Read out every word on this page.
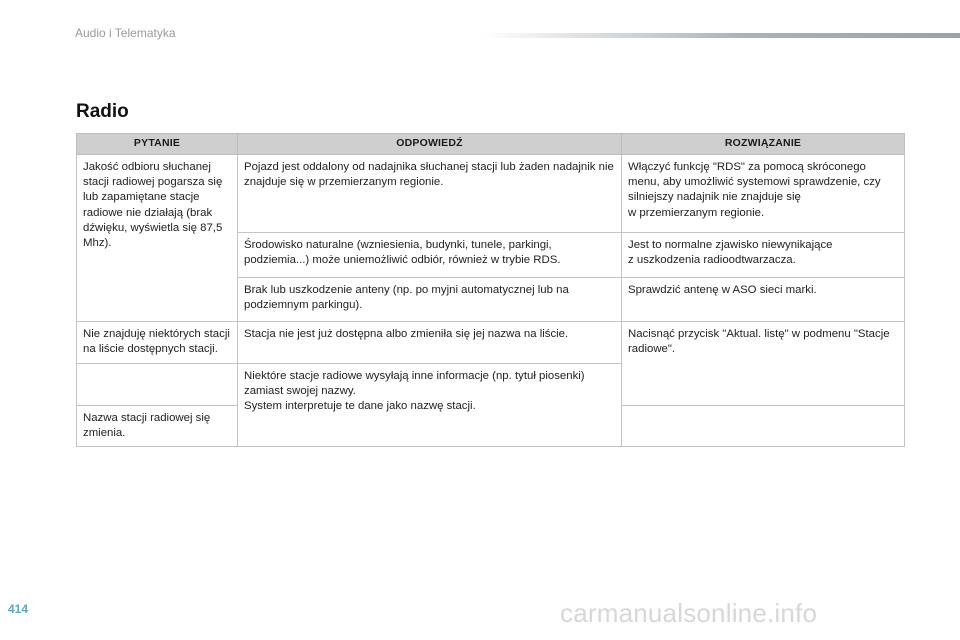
Audio i Telematyka
Radio
PYTANIE	ODPOWIEDŹ	ROZWIĄZANIE
Jakość odbioru słuchanej stacji radiowej pogarsza się lub zapamiętane stacje radiowe nie działają (brak dźwięku, wyświetla się 87,5 Mhz).	Pojazd jest oddalony od nadajnika słuchanej stacji lub żaden nadajnik nie znajduje się w przemierzanym regionie.	Włączyć funkcję "RDS" za pomocą skróconego menu, aby umożliwić systemowi sprawdzenie, czy silniejszy nadajnik nie znajduje się
w przemierzanym regionie.
	Środowisko naturalne (wzniesienia, budynki, tunele, parkingi, podziemia...) może uniemożliwić odbiór, również w trybie RDS.	Jest to normalne zjawisko niewynikające
z uszkodzenia radioodtwarzacza.
	Brak lub uszkodzenie anteny (np. po myjni automatycznej lub na podziemnym parkingu).	Sprawdzić antenę w ASO sieci marki.
Nie znajduję niektórych stacji na liście dostępnych stacji.	Stacja nie jest już dostępna albo zmieniła się jej nazwa na liście.	Nacisnąć przycisk "Aktual. listę" w podmenu "Stacje radiowe".
	Niektóre stacje radiowe wysyłają inne informacje (np. tytuł piosenki) zamiast swojej nazwy.
System interpretuje te dane jako nazwę stacji.	

Nazwa stacji radiowej się zmienia.		
414	carmanualsonline.info
